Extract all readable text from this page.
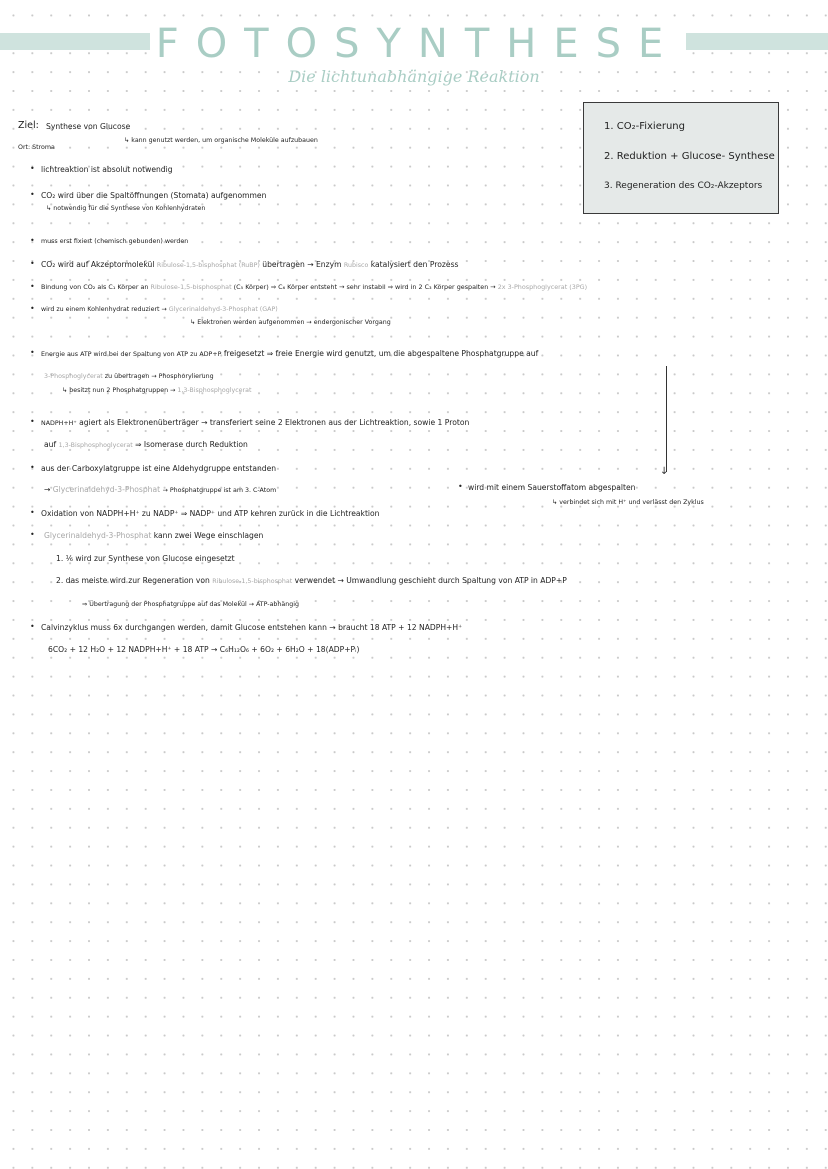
FOTOSYNTHESE
Die lichtunabhängige Reaktion
1. CO₂-Fixierung
2. Reduktion + Glucose- Synthese
3. Regeneration des CO₂-Akzeptors
Ziel: Synthese von Glucose
↳ kann genutzt werden, um organische Moleküle aufzubauen
Ort: Stroma
• lichtreaktion ist absolut notwendig
• CO₂ wird über die Spaltöffnungen (Stomata) aufgenommen
↳ notwendig für die Synthese von Kohlenhydraten
• muss erst fixiert (chemisch gebunden) werden
• CO₂ wird auf Akzeptormolekül Ribulose-1,5-bisphosphat (RuBP) übertragen → Enzym Rubisco katalysiert den Prozess
• Bindung von CO₂ als C₁ Körper an Ribulose-1,5-bisphosphat (C₅ Körper) ⇒ C₆ Körper entsteht → sehr instabil ⇒ wird in 2 C₃ Körper gespalten → 2x 3-Phosphoglycerat (3PG)
• wird zu einem Kohlenhydrat reduziert → Glycerinaldehyd-3-Phosphat (GAP)
↳ Elektronen werden aufgenommen → endergonischer Vorgang
• Energie aus ATP wird bei der Spaltung von ATP zu ADP+P freigesetzt ⇒ freie Energie wird genutzt, um die abgespaltene Phosphatgruppe auf
3-Phosphoglycerat zu übertragen → Phosphorylierung
↳ besitzt nun 2 Phosphatgruppen → 1,3-Bisphosphoglycerat
↓
• NADPH+H⁺ agiert als Elektronenüberträger → transferiert seine 2 Elektronen aus der Lichtreaktion, sowie 1 Proton
auf 1,3-Bisphosphoglycerat ⇒ Isomerase durch Reduktion
• aus der Carboxylatgruppe ist eine Aldehydgruppe entstanden
→ Glycerinaldehyd-3-Phosphat → Phosphatgruppe ist am 3. C-Atom	• wird mit einem Sauerstoffatom abgespalten
↳ verbindet sich mit H⁺ und verlässt den Zyklus
• Oxidation von NADPH+H⁺ zu NADP⁺ ⇒ NADP⁺ und ATP kehren zurück in die Lichtreaktion
• Glycerinaldehyd-3-Phosphat kann zwei Wege einschlagen
1. ⅙ wird zur Synthese von Glucose eingesetzt
2. das meiste wird zur Regeneration von Ribulose-1,5-bisphosphat verwendet → Umwandlung geschieht durch Spaltung von ATP in ADP+P
⇒ Übertragung der Phosphatgruppe auf das Molekül → ATP-abhängig
• Calvinzyklus muss 6x durchgangen werden, damit Glucose entstehen kann → braucht 18 ATP + 12 NADPH+H⁺
6CO₂ + 12 H₂O + 12 NADPH+H⁺ + 18 ATP → C₆H₁₂O₆ + 6O₂ + 6H₂O + 18(ADP+Pᵢ)
